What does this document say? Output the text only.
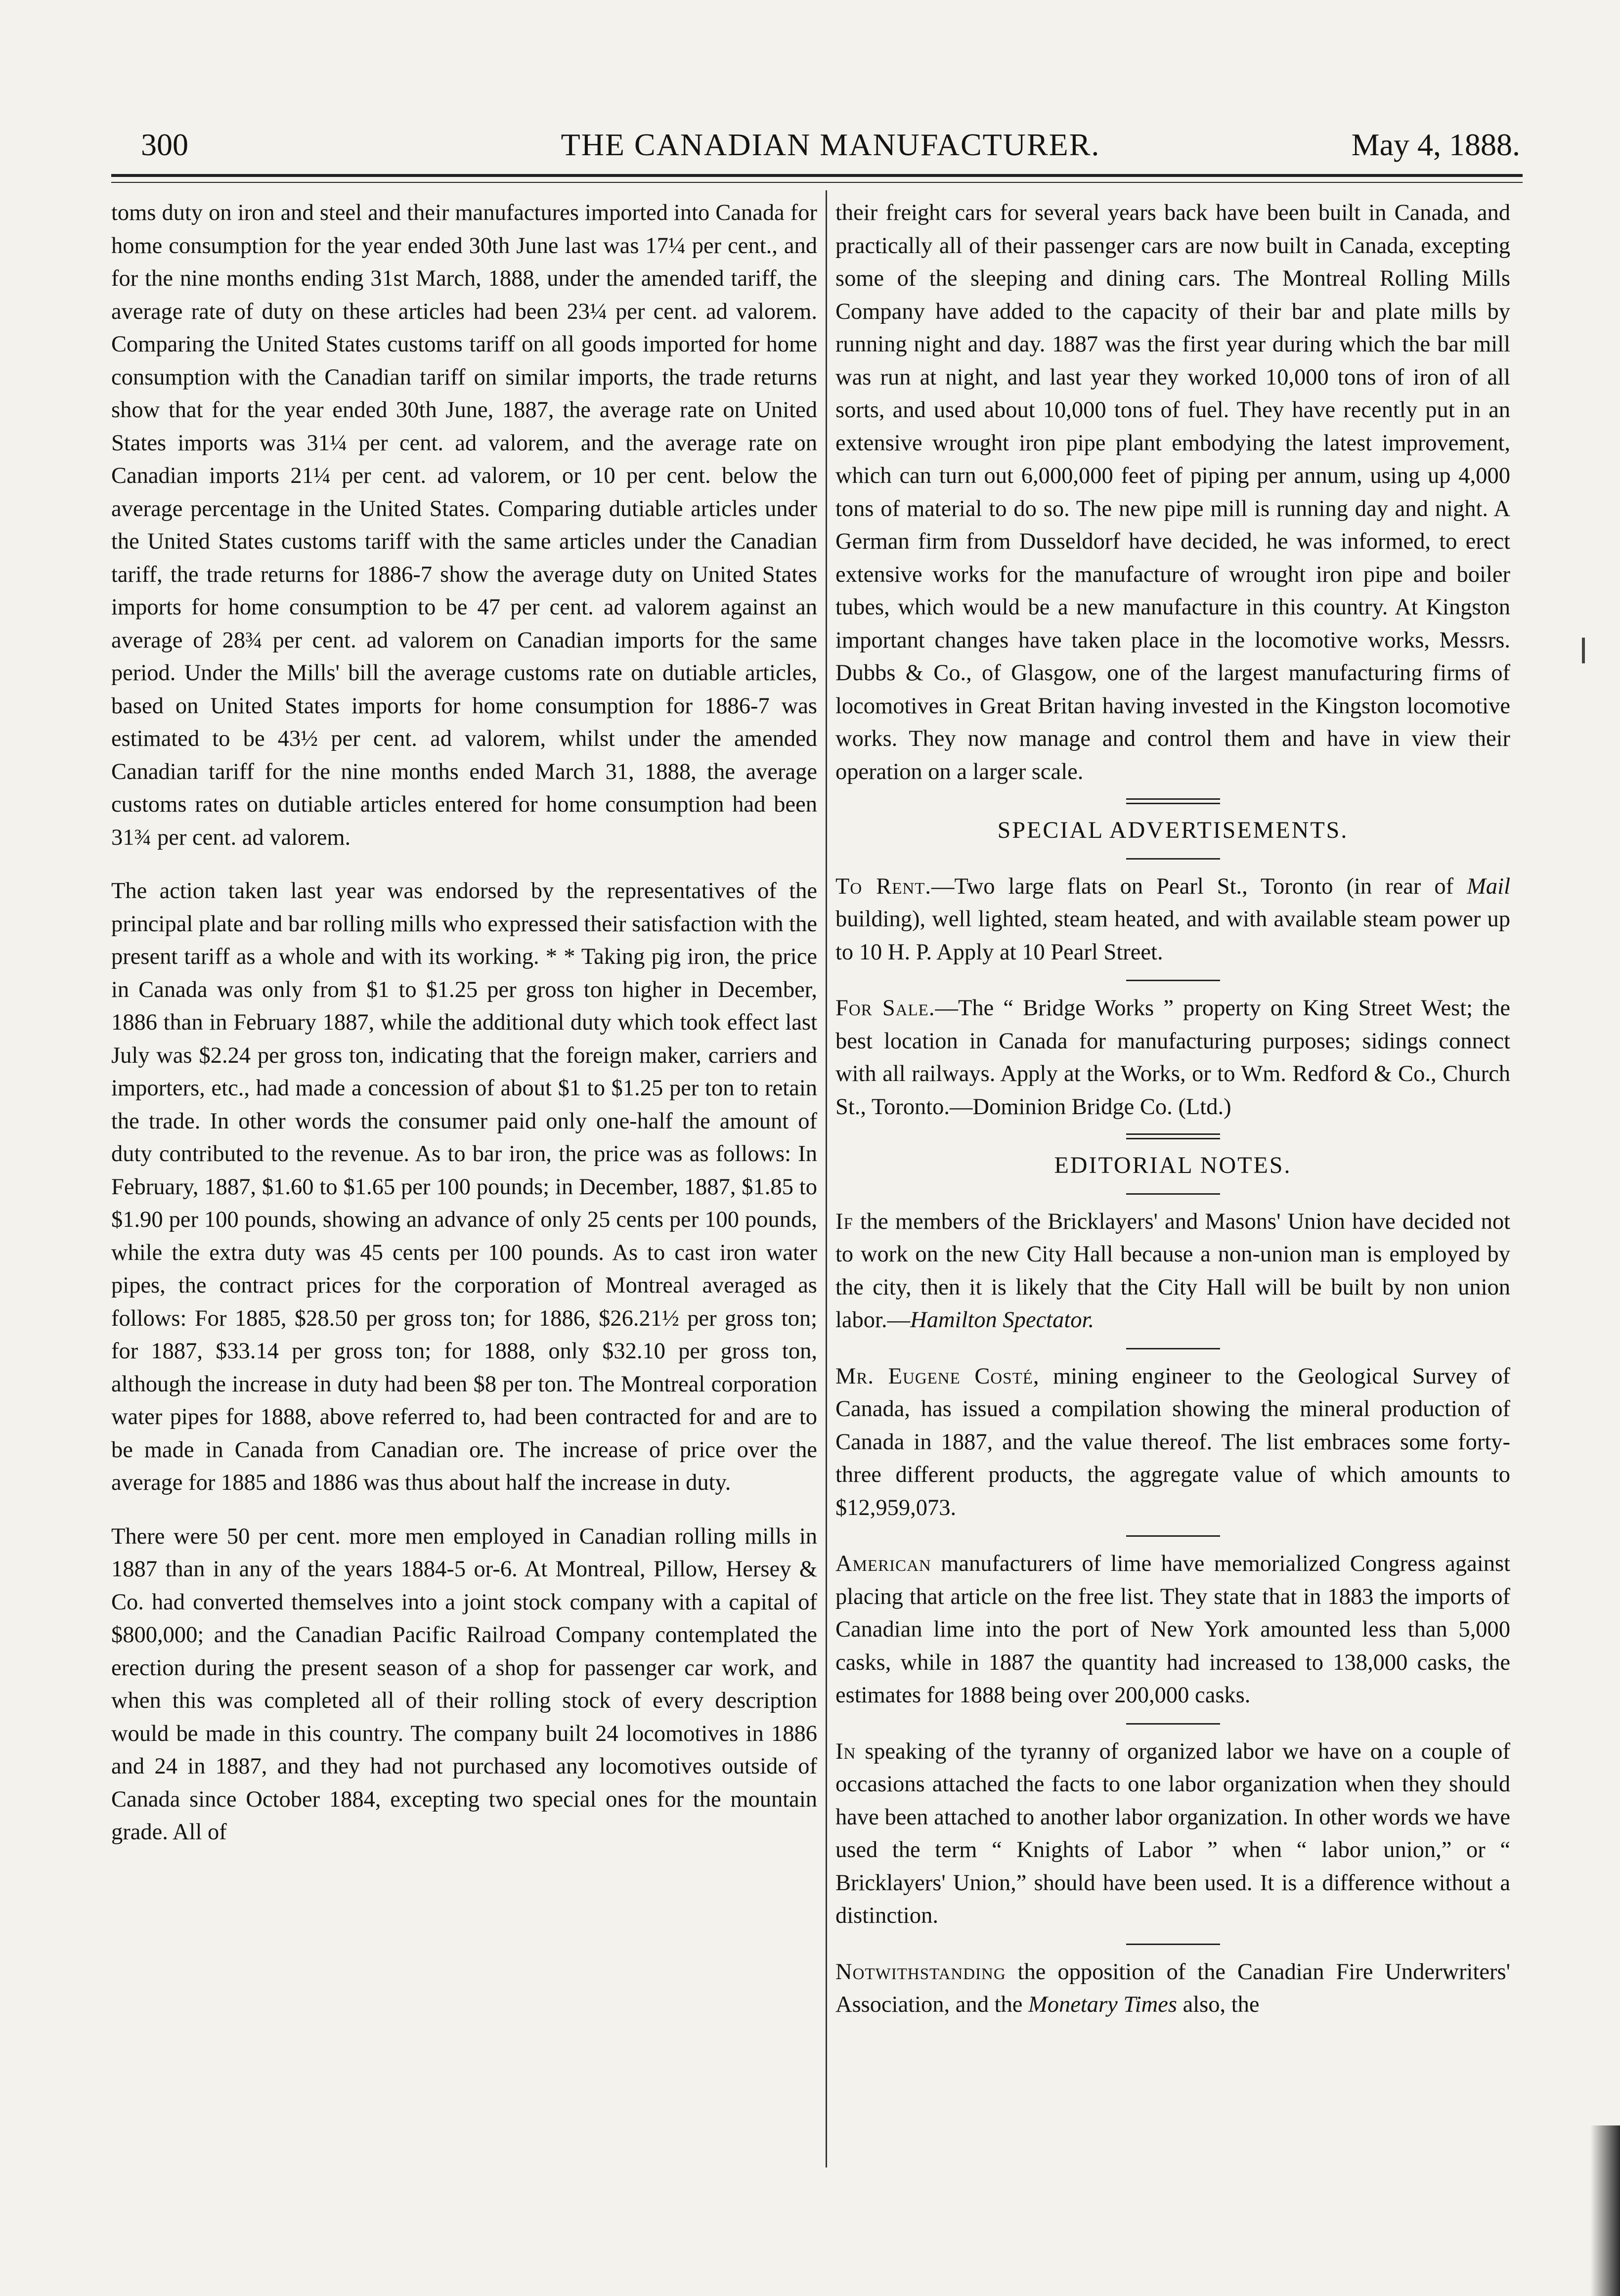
300	THE CANADIAN MANUFACTURER.	May 4, 1888.

toms duty on iron and steel and their manufactures imported into Canada for home consumption for the year ended 30th June last was 17¼ per cent., and for the nine months ending 31st March, 1888, under the amended tariff, the average rate of duty on these articles had been 23¼ per cent. ad valorem. Comparing the United States customs tariff on all goods imported for home consumption with the Canadian tariff on similar imports, the trade returns show that for the year ended 30th June, 1887, the average rate on United States imports was 31¼ per cent. ad valorem, and the average rate on Canadian imports 21¼ per cent. ad valorem, or 10 per cent. below the average percentage in the United States. Comparing dutiable articles under the United States customs tariff with the same articles under the Canadian tariff, the trade returns for 1886-7 show the average duty on United States imports for home consumption to be 47 per cent. ad valorem against an average of 28¾ per cent. ad valorem on Canadian imports for the same period. Under the Mills' bill the average customs rate on dutiable articles, based on United States imports for home consumption for 1886-7 was estimated to be 43½ per cent. ad valorem, whilst under the amended Canadian tariff for the nine months ended March 31, 1888, the average customs rates on dutiable articles entered for home consumption had been 31¾ per cent. ad valorem.

The action taken last year was endorsed by the representatives of the principal plate and bar rolling mills who expressed their satisfaction with the present tariff as a whole and with its working. * * Taking pig iron, the price in Canada was only from $1 to $1.25 per gross ton higher in December, 1886 than in February 1887, while the additional duty which took effect last July was $2.24 per gross ton, indicating that the foreign maker, carriers and importers, etc., had made a concession of about $1 to $1.25 per ton to retain the trade. In other words the consumer paid only one-half the amount of duty contributed to the revenue. As to bar iron, the price was as follows: In February, 1887, $1.60 to $1.65 per 100 pounds; in December, 1887, $1.85 to $1.90 per 100 pounds, showing an advance of only 25 cents per 100 pounds, while the extra duty was 45 cents per 100 pounds. As to cast iron water pipes, the contract prices for the corporation of Montreal averaged as follows: For 1885, $28.50 per gross ton; for 1886, $26.21½ per gross ton; for 1887, $33.14 per gross ton; for 1888, only $32.10 per gross ton, although the increase in duty had been $8 per ton. The Montreal corporation water pipes for 1888, above referred to, had been contracted for and are to be made in Canada from Canadian ore. The increase of price over the average for 1885 and 1886 was thus about half the increase in duty.

There were 50 per cent. more men employed in Canadian rolling mills in 1887 than in any of the years 1884-5 or-6. At Montreal, Pillow, Hersey & Co. had converted themselves into a joint stock company with a capital of $800,000; and the Canadian Pacific Railroad Company contemplated the erection during the present season of a shop for passenger car work, and when this was completed all of their rolling stock of every description would be made in this country. The company built 24 locomotives in 1886 and 24 in 1887, and they had not purchased any locomotives outside of Canada since October 1884, excepting two special ones for the mountain grade. All of

their freight cars for several years back have been built in Canada, and practically all of their passenger cars are now built in Canada, excepting some of the sleeping and dining cars. The Montreal Rolling Mills Company have added to the capacity of their bar and plate mills by running night and day. 1887 was the first year during which the bar mill was run at night, and last year they worked 10,000 tons of iron of all sorts, and used about 10,000 tons of fuel. They have recently put in an extensive wrought iron pipe plant embodying the latest improvement, which can turn out 6,000,000 feet of piping per annum, using up 4,000 tons of material to do so. The new pipe mill is running day and night. A German firm from Dusseldorf have decided, he was informed, to erect extensive works for the manufacture of wrought iron pipe and boiler tubes, which would be a new manufacture in this country. At Kingston important changes have taken place in the locomotive works, Messrs. Dubbs & Co., of Glasgow, one of the largest manufacturing firms of locomotives in Great Britan having invested in the Kingston locomotive works. They now manage and control them and have in view their operation on a larger scale.

SPECIAL ADVERTISEMENTS.

To Rent.—Two large flats on Pearl St., Toronto (in rear of Mail building), well lighted, steam heated, and with available steam power up to 10 H. P. Apply at 10 Pearl Street.

For Sale.—The “ Bridge Works ” property on King Street West; the best location in Canada for manufacturing purposes; sidings connect with all railways. Apply at the Works, or to Wm. Redford & Co., Church St., Toronto.—Dominion Bridge Co. (Ltd.)

EDITORIAL NOTES.

If the members of the Bricklayers' and Masons' Union have decided not to work on the new City Hall because a non-union man is employed by the city, then it is likely that the City Hall will be built by non union labor.—Hamilton Spectator.

Mr. Eugene Costé, mining engineer to the Geological Survey of Canada, has issued a compilation showing the mineral production of Canada in 1887, and the value thereof. The list embraces some forty-three different products, the aggregate value of which amounts to $12,959,073.

American manufacturers of lime have memorialized Congress against placing that article on the free list. They state that in 1883 the imports of Canadian lime into the port of New York amounted less than 5,000 casks, while in 1887 the quantity had increased to 138,000 casks, the estimates for 1888 being over 200,000 casks.

In speaking of the tyranny of organized labor we have on a couple of occasions attached the facts to one labor organization when they should have been attached to another labor organization. In other words we have used the term “ Knights of Labor ” when “ labor union,” or “ Bricklayers' Union,” should have been used. It is a difference without a distinction.

Notwithstanding the opposition of the Canadian Fire Underwriters' Association, and the Monetary Times also, the
